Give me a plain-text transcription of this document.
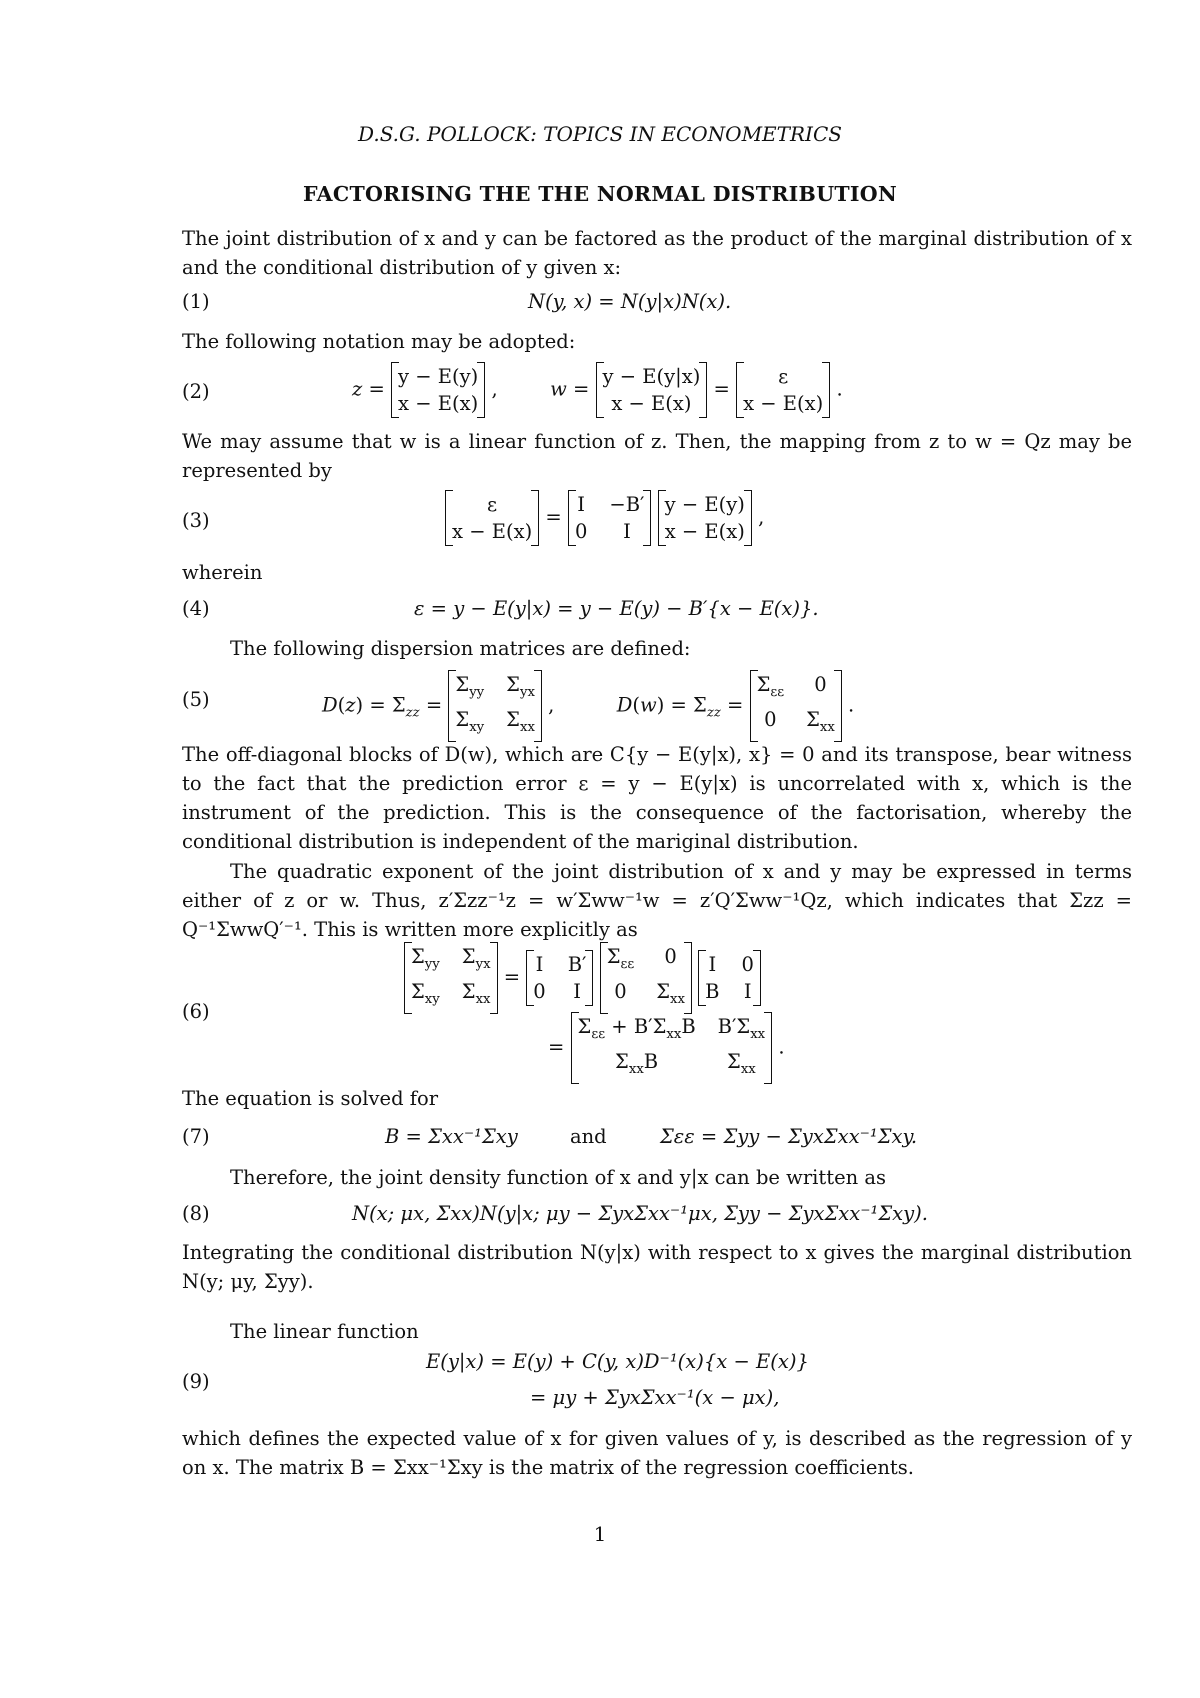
D.S.G. POLLOCK: TOPICS IN ECONOMETRICS
FACTORISING THE THE NORMAL DISTRIBUTION
The joint distribution of x and y can be factored as the product of the marginal distribution of x and the conditional distribution of y given x:
(1)	N(y, x) = N(y|x)N(x).
The following notation may be adopted:
(2)	z =
y − E(y)
x − E(x)
,  w =
y − E(y|x)
x − E(x)
=
ε
x − E(x)
.
We may assume that w is a linear function of z. Then, the mapping from z to w = Qz may be represented by
(3)
ε
x − E(x)
=
I −B′
0	I

y − E(y)
x − E(x)
,
wherein
(4)	ε = y − E(y|x) = y − E(y) − B′{x − E(x)}.
The following dispersion matrices are defined:
(5)	$D(z) = \Sigma_{zz}$ =
$\Sigma_{yy}$ $\Sigma_{yx}$
$\Sigma_{xy}$ $\Sigma_{xx}$
,	$D(w) = \Sigma_{zz}$ =
$\Sigma_{\varepsilon\varepsilon}$	0
0	$\Sigma_{xx}$
.
The off-diagonal blocks of D(w), which are C{y − E(y|x), x} = 0 and its transpose, bear witness to the fact that the prediction error ε = y − E(y|x) is uncorrelated with x, which is the instrument of the prediction. This is the consequence of the factorisation, whereby the conditional distribution is independent of the mariginal distribution.
The quadratic exponent of the joint distribution of x and y may be expressed in terms either of z or w. Thus, z′Σzz⁻¹z = w′Σww⁻¹w = z′Q′Σww⁻¹Qz, which indicates that Σzz = Q⁻¹ΣwwQ′⁻¹. This is written more explicitly as
(6)
$\Sigma_{yy}$ $\Sigma_{yx}$
$\Sigma_{xy}$ $\Sigma_{xx}$
=
I B′
0 I

$\Sigma_{\varepsilon\varepsilon}$	0
0	$\Sigma_{xx}$

I 0
B I
=
$\Sigma_{\varepsilon\varepsilon} + B'\Sigma_{xx}B$ $B'\Sigma_{xx}$
$\Sigma_{xx}B$	$\Sigma_{xx}$
.
The equation is solved for
(7)	B = Σxx⁻¹Σxy	and	Σεε = Σyy − ΣyxΣxx⁻¹Σxy.
Therefore, the joint density function of x and y|x can be written as
(8)	N(x; μx, Σxx)N(y|x; μy − ΣyxΣxx⁻¹μx, Σyy − ΣyxΣxx⁻¹Σxy).
Integrating the conditional distribution N(y|x) with respect to x gives the marginal distribution N(y; μy, Σyy).
The linear function
(9)
E(y|x) = E(y) + C(y, x)D⁻¹(x){x − E(x)}
= μy + ΣyxΣxx⁻¹(x − μx),
which defines the expected value of x for given values of y, is described as the regression of y on x. The matrix B = Σxx⁻¹Σxy is the matrix of the regression coefficients.
1
